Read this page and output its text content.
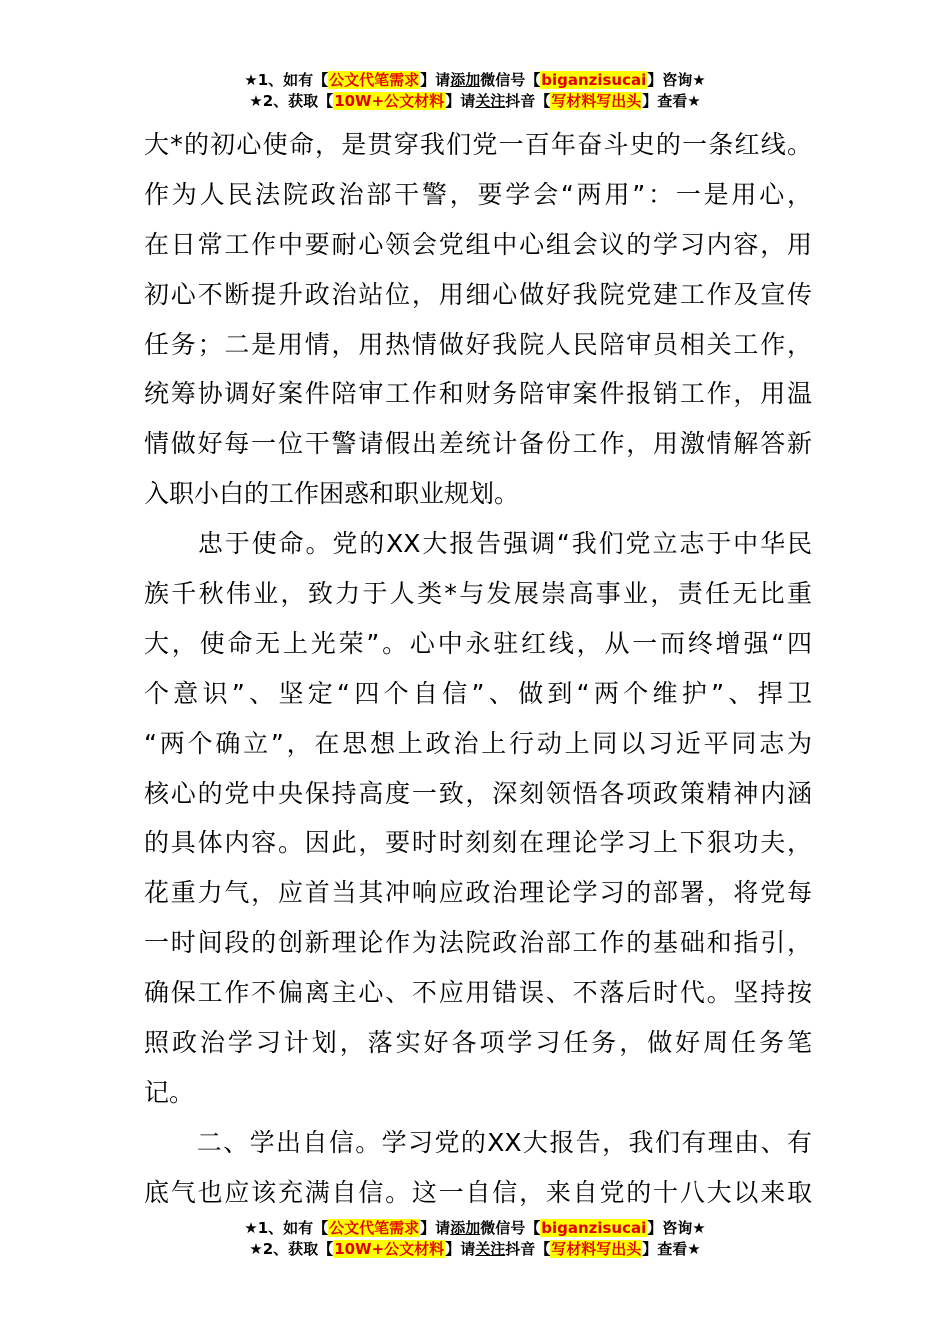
★1、如有【公文代笔需求】请添加微信号【biganzisucai】咨询★
★2、获取【10W+公文材料】请关注抖音【写材料写出头】查看★
大*的初心使命，是贯穿我们党一百年奋斗史的一条红线。
作为人民法院政治部干警，要学会“两用”：一是用心，
在日常工作中要耐心领会党组中心组会议的学习内容，用
初心不断提升政治站位，用细心做好我院党建工作及宣传
任务；二是用情，用热情做好我院人民陪审员相关工作，
统筹协调好案件陪审工作和财务陪审案件报销工作，用温
情做好每一位干警请假出差统计备份工作，用激情解答新
入职小白的工作困惑和职业规划。
　　忠于使命。党的XX大报告强调“我们党立志于中华民
族千秋伟业，致力于人类*与发展崇高事业，责任无比重
大，使命无上光荣”。心中永驻红线，从一而终增强“四
个意识”、坚定“四个自信”、做到“两个维护”、捍卫
“两个确立”，在思想上政治上行动上同以习近平同志为
核心的党中央保持高度一致，深刻领悟各项政策精神内涵
的具体内容。因此，要时时刻刻在理论学习上下狠功夫，
花重力气，应首当其冲响应政治理论学习的部署，将党每
一时间段的创新理论作为法院政治部工作的基础和指引，
确保工作不偏离主心、不应用错误、不落后时代。坚持按
照政治学习计划，落实好各项学习任务，做好周任务笔
记。
　　二、学出自信。学习党的XX大报告，我们有理由、有
底气也应该充满自信。这一自信，来自党的十八大以来取
★1、如有【公文代笔需求】请添加微信号【biganzisucai】咨询★
★2、获取【10W+公文材料】请关注抖音【写材料写出头】查看★
